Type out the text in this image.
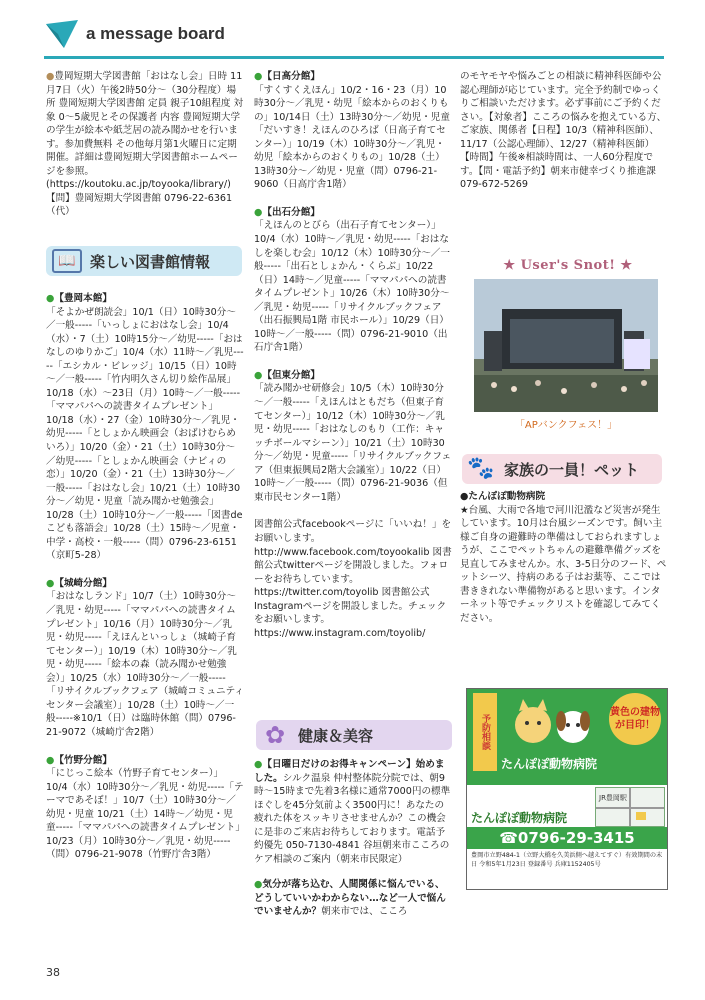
a message board

●豊岡短期大学図書館「おはなし会」日時 11月7日（火）午後2時50分～（30分程度）場所 豊岡短期大学図書館 定員 親子10組程度 対象 0～5歳児とその保護者 内容 豊岡短期大学の学生が絵本や紙芝居の読み聞かせを行います。参加費無料 その他毎月第1火曜日に定期開催。詳細は豊岡短期大学図書館ホームページを参照。(https://koutoku.ac.jp/toyooka/library/)【問】豊岡短期大学図書館 0796-22-6361（代）

📖 楽しい図書館情報

●【豊岡本館】

「そよかぜ朗読会」10/1（日）10時30分～／一般-----「いっしょにおはなし会」10/4（水）・7（土）10時15分～／幼児-----「おはなしのゆりかご」10/4（水）11時～／乳児-----「エシカル・ビレッジ」10/15（日）10時～／一般-----「竹内明久さん切り絵作品展」10/18（水）～23日（月）10時～／一般-----「ママパパへの読書タイムプレゼント」10/18（水）・27（金）10時30分～／乳児・幼児-----「としょかん映画会（おばけむらめいろ）」10/20（金）・21（土）10時30分～／幼児-----「としょかん映画会（ナビィの恋）」10/20（金）・21（土）13時30分～／一般-----「おはなし会」10/21（土）10時30分～／幼児・児童「読み聞かせ勉強会」10/28（土）10時10分～／一般-----「図書de こども落語会」10/28（土）15時～／児童・中学・高校・一般-----（問）0796-23-6151（京町5-28）

●【城崎分館】

「おはなしランド」10/7（土）10時30分～／乳児・幼児-----「ママパパへの読書タイムプレゼント」10/16（月）10時30分～／乳児・幼児-----「えほんといっしょ（城崎子育てセンター）」10/19（木）10時30分～／乳児・幼児-----「絵本の森（読み聞かせ勉強会）」10/25（水）10時30分～／一般-----「リサイクルブックフェア（城崎コミュニティセンター会議室）」10/28（土）10時～／一般-----※10/1（日）は臨時休館（問）0796-21-9072（城崎庁舎2階）

●【竹野分館】

「にじっこ絵本（竹野子育てセンター）」10/4（水）10時30分～／乳児・幼児-----「テーマであそぼ！」10/7（土）10時30分～／幼児・児童 10/21（土）14時～／幼児・児童-----「ママパパへの読書タイムプレゼント」10/23（月）10時30分～／乳児・幼児-----（問）0796-21-9078（竹野庁舎3階）

●【日高分館】

「すくすくえほん」10/2・16・23（月）10時30分～／乳児・幼児「絵本からのおくりもの」10/14日（土）13時30分～／幼児・児童「だいすき！えほんのひろば（日高子育てセンター）」10/19（木）10時30分～／乳児・幼児「絵本からのおくりもの」10/28（土）13時30分～／幼児・児童（問）0796-21-9060（日高庁舎1階）

●【出石分館】

「えほんのとびら（出石子育てセンター）」10/4（水）10時～／乳児・幼児-----「おはなしを楽しむ会」10/12（木）10時30分～／一般-----「出石としょかん・くらぶ」10/22（日）14時～／児童-----「ママパパへの読書タイムプレゼント」10/26（木）10時30分～／乳児・幼児-----「リサイクルブックフェア（出石振興局1階 市民ホール）」10/29（日）10時～／一般-----（問）0796-21-9010（出石庁舎1階）

●【但東分館】

「読み聞かせ研修会」10/5（木）10時30分～／一般-----「えほんはともだち（但東子育てセンター）」10/12（木）10時30分～／乳児・幼児-----「おはなしのもり（工作：キャッチボールマシーン）」10/21（土）10時30分～／幼児・児童-----「リサイクルブックフェア（但東振興局2階大会議室）」10/22（日）10時～／一般-----（問）0796-21-9036（但東市民センター1階）

図書館公式facebookページに「いいね！」をお願いします。http://www.facebook.com/toyookalib 図書館公式twitterページを開設しました。フォローをお待ちしています。https://twitter.com/toyolib 図書館公式Instagramページを開設しました。チェックをお願いします。https://www.instagram.com/toyolib/

✿ 健康＆美容

●【日曜日だけのお得キャンペーン】始めました。シルク温泉 仲村整体院分院では、朝9時～15時まで先着3名様に通常7000円の標準ほぐしを45分気前よく3500円に！あなたの疲れた体をスッキリさせませんか？この機会に是非のご来店お待ちしております。電話予約優先 050-7130-4841 谷垣朝来市こころのケア相談のご案内（朝来市民限定）

●気分が落ち込む、人間関係に悩んでいる、どうしていいかわからない…など一人で悩んでいませんか？朝来市では、こころ

のモヤモヤや悩みごとの相談に精神科医師や公認心理師が応じています。完全予約制でゆっくりご相談いただけます。必ず事前にご予約ください。【対象者】こころの悩みを抱えている方、ご家族、関係者【日程】10/3（精神科医師）、11/17（公認心理師）、12/27（精神科医師）【時間】午後※相談時間は、一人60分程度です。【問・電話予約】朝来市健幸づくり推進課 079-672-5269

★ User's Snot! ★
「APバンクフェス！」
🐾 家族の一員！ペット

●たんぽぽ動物病院

★台風、大雨で各地で河川氾濫など災害が発生しています。10月は台風シーズンです。飼い主様ご自身の避難時の準備はしておられますしょうが、ここでペットちゃんの避難準備グッズを見直してみませんか。水、3-5日分のフード、ペットシーツ、持病のある子はお薬等、ここでは書ききれない準備物があると思います。インターネット等でチェックリストを確認してみてください。

予防相談
たんぽぽ動物病院
黄色の建物が目印！
JR豊岡駅
たんぽぽ動物病院
☎0796-29-3415
豊岡市立野484-1（立野大橋を久美浜側へ越えてすぐ）有效期間の末日 令和5年1月23日 登録番号 兵庫1152405号
38
